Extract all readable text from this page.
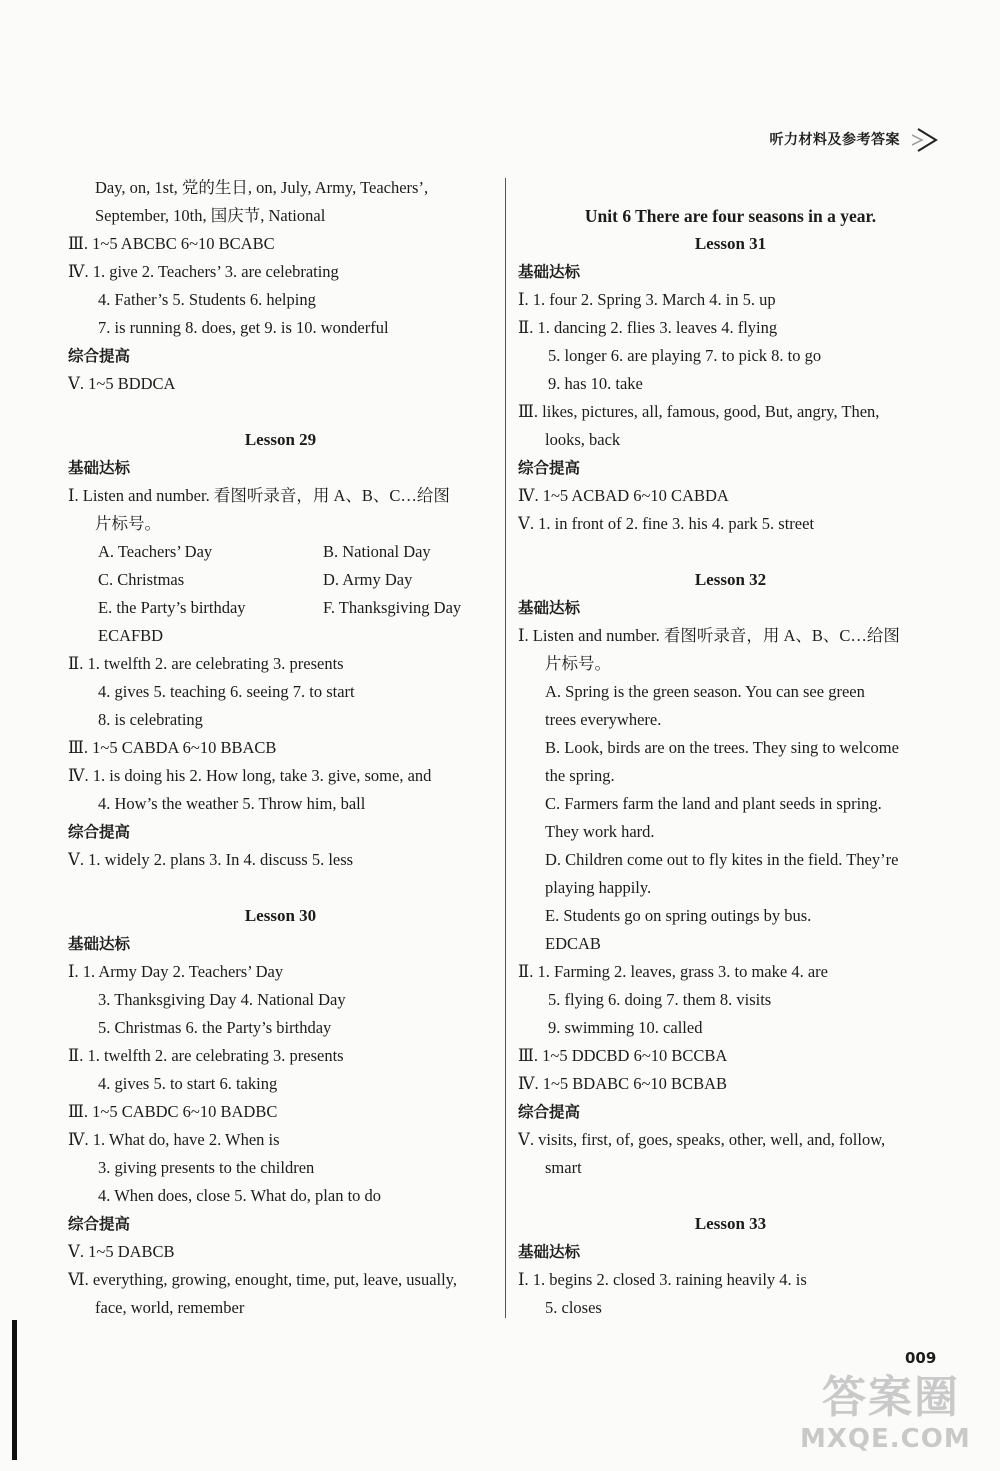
听力材料及参考答案
Day, on, 1st, 党的生日, on, July, Army, Teachers’,
September, 10th, 国庆节, National
Ⅲ. 1~5 ABCBC 6~10 BCABC
Ⅳ. 1. give 2. Teachers’ 3. are celebrating
4. Father’s 5. Students 6. helping
7. is running 8. does, get 9. is 10. wonderful
综合提高
Ⅴ. 1~5 BDDCA
Lesson 29
基础达标
Ⅰ. Listen and number. 看图听录音，用 A、B、C…给图
片标号。
A. Teachers’ Day	B. National Day
C. Christmas	D. Army Day
E. the Party’s birthday	F. Thanksgiving Day
ECAFBD
Ⅱ. 1. twelfth 2. are celebrating 3. presents
4. gives 5. teaching 6. seeing 7. to start
8. is celebrating
Ⅲ. 1~5 CABDA 6~10 BBACB
Ⅳ. 1. is doing his 2. How long, take 3. give, some, and
4. How’s the weather 5. Throw him, ball
综合提高
Ⅴ. 1. widely 2. plans 3. In 4. discuss 5. less
Lesson 30
基础达标
Ⅰ. 1. Army Day 2. Teachers’ Day
3. Thanksgiving Day 4. National Day
5. Christmas 6. the Party’s birthday
Ⅱ. 1. twelfth 2. are celebrating 3. presents
4. gives 5. to start 6. taking
Ⅲ. 1~5 CABDC 6~10 BADBC
Ⅳ. 1. What do, have 2. When is
3. giving presents to the children
4. When does, close 5. What do, plan to do
综合提高
Ⅴ. 1~5 DABCB
Ⅵ. everything, growing, enought, time, put, leave, usually,
face, world, remember
Unit 6 There are four seasons in a year.
Lesson 31
基础达标
Ⅰ. 1. four 2. Spring 3. March 4. in 5. up
Ⅱ. 1. dancing 2. flies 3. leaves 4. flying
5. longer 6. are playing 7. to pick 8. to go
9. has 10. take
Ⅲ. likes, pictures, all, famous, good, But, angry, Then,
looks, back
综合提高
Ⅳ. 1~5 ACBAD 6~10 CABDA
Ⅴ. 1. in front of 2. fine 3. his 4. park 5. street
Lesson 32
基础达标
Ⅰ. Listen and number. 看图听录音，用 A、B、C…给图
片标号。
A. Spring is the green season. You can see green
trees everywhere.
B. Look, birds are on the trees. They sing to welcome
the spring.
C. Farmers farm the land and plant seeds in spring.
They work hard.
D. Children come out to fly kites in the field. They’re
playing happily.
E. Students go on spring outings by bus.
EDCAB
Ⅱ. 1. Farming 2. leaves, grass 3. to make 4. are
5. flying 6. doing 7. them 8. visits
9. swimming 10. called
Ⅲ. 1~5 DDCBD 6~10 BCCBA
Ⅳ. 1~5 BDABC 6~10 BCBAB
综合提高
Ⅴ. visits, first, of, goes, speaks, other, well, and, follow,
smart
Lesson 33
基础达标
Ⅰ. 1. begins 2. closed 3. raining heavily 4. is
5. closes
009
答案圈
MXQE.COM
